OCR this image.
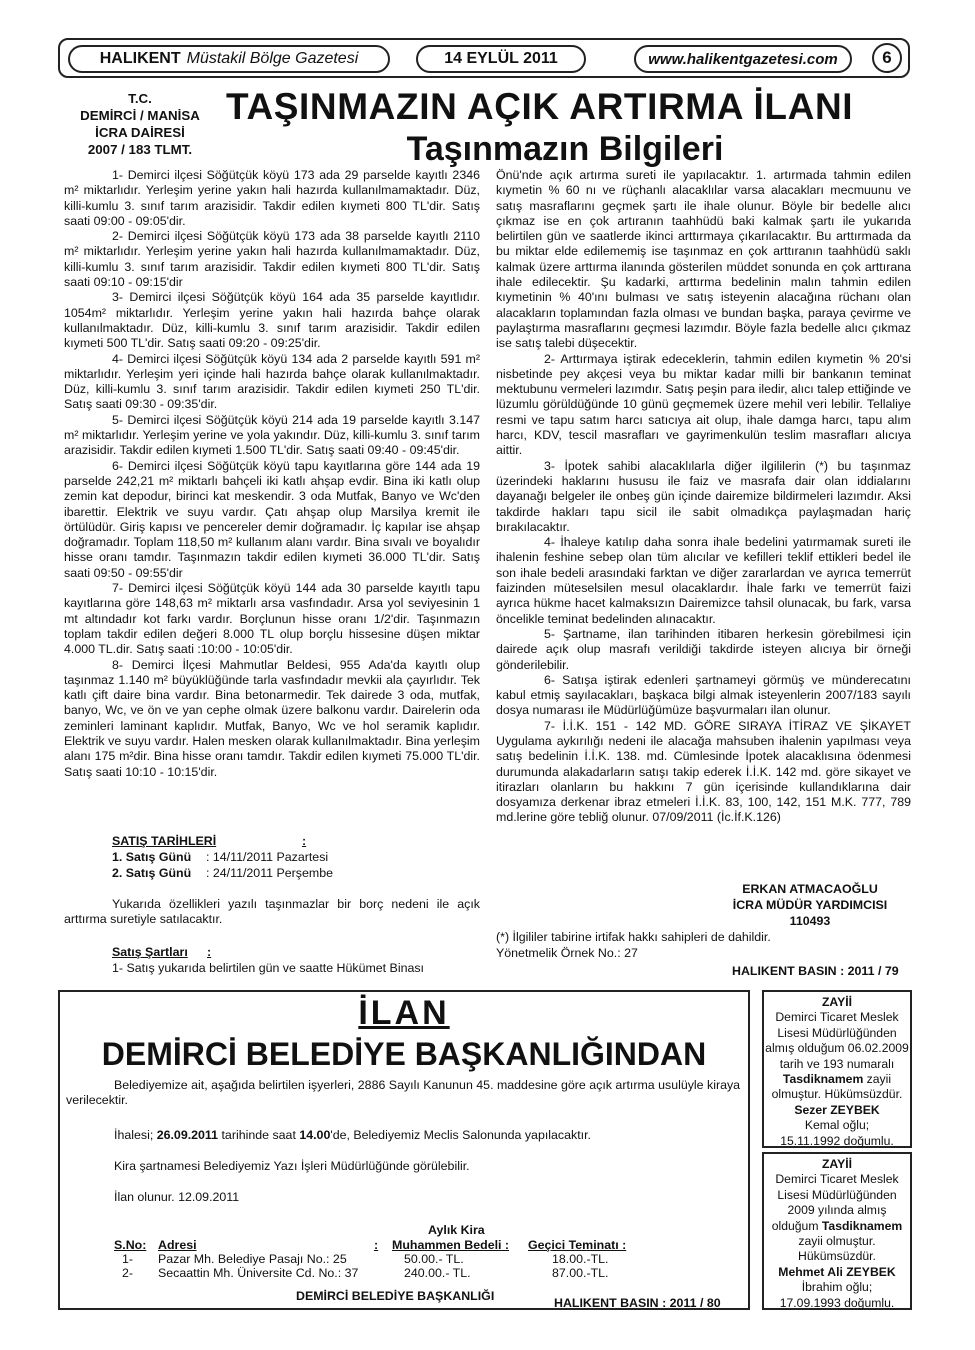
HALIKENT Müstakil Bölge Gazetesi	14 EYLÜL 2011	www.halikentgazetesi.com	6
T.C.
DEMİRCİ / MANİSA
İCRA DAİRESİ
2007 / 183 TLMT.
TAŞINMAZIN AÇIK ARTIRMA İLANI
Taşınmazın Bilgileri

1- Demirci ilçesi Söğütçük köyü 173 ada 29 parselde kayıtlı 2346 m² miktarlıdır. Yerleşim yerine yakın hali hazırda kullanılmamaktadır. Düz, killi-kumlu 3. sınıf tarım arazisidir. Takdir edilen kıymeti 800 TL'dir. Satış saati 09:00 - 09:05'dir.

2- Demirci ilçesi Söğütçük köyü 173 ada 38 parselde kayıtlı 2110 m² miktarlıdır. Yerleşim yerine yakın hali hazırda kullanılmamaktadır. Düz, killi-kumlu 3. sınıf tarım arazisidir. Takdir edilen kıymeti 800 TL'dir. Satış saati 09:10 - 09:15'dir

3- Demirci ilçesi Söğütçük köyü 164 ada 35 parselde kayıtlıdır. 1054m² miktarlıdır. Yerleşim yerine yakın hali hazırda bahçe olarak kullanılmaktadır. Düz, killi-kumlu 3. sınıf tarım arazisidir. Takdir edilen kıymeti 500 TL'dir. Satış saati 09:20 - 09:25'dir.

4- Demirci ilçesi Söğütçük köyü 134 ada 2 parselde kayıtlı 591 m² miktarlıdır. Yerleşim yeri içinde hali hazırda bahçe olarak kullanılmaktadır. Düz, killi-kumlu 3. sınıf tarım arazisidir. Takdir edilen kıymeti 250 TL'dir. Satış saati 09:30 - 09:35'dir.

5- Demirci ilçesi Söğütçük köyü 214 ada 19 parselde kayıtlı 3.147 m² miktarlıdır. Yerleşim yerine ve yola yakındır. Düz, killi-kumlu 3. sınıf tarım arazisidir. Takdir edilen kıymeti 1.500 TL'dir. Satış saati 09:40 - 09:45'dir.

6- Demirci ilçesi Söğütçük köyü tapu kayıtlarına göre 144 ada 19 parselde 242,21 m² miktarlı bahçeli iki katlı ahşap evdir. Bina iki katlı olup zemin kat depodur, birinci kat meskendir. 3 oda Mutfak, Banyo ve Wc'den ibarettir. Elektrik ve suyu vardır. Çatı ahşap olup Marsilya kremit ile örtülüdür. Giriş kapısı ve pencereler demir doğramadır. İç kapılar ise ahşap doğramadır. Toplam 118,50 m² kullanım alanı vardır. Bina sıvalı ve boyalıdır hisse oranı tamdır. Taşınmazın takdir edilen kıymeti 36.000 TL'dir. Satış saati 09:50 - 09:55'dir

7- Demirci ilçesi Söğütçük köyü 144 ada 30 parselde kayıtlı tapu kayıtlarına göre 148,63 m² miktarlı arsa vasfındadır. Arsa yol seviyesinin 1 mt altındadır kot farkı vardır. Borçlunun hisse oranı 1/2'dir. Taşınmazın toplam takdir edilen değeri 8.000 TL olup borçlu hissesine düşen miktar 4.000 TL.dir. Satış saati :10:00 - 10:05'dir.

8- Demirci İlçesi Mahmutlar Beldesi, 955 Ada'da kayıtlı olup taşınmaz 1.140 m² büyüklüğünde tarla vasfındadır mevkii ala çayırlıdır. Tek katlı çift daire bina vardır. Bina betonarmedir. Tek dairede 3 oda, mutfak, banyo, Wc, ve ön ve yan cephe olmak üzere balkonu vardır. Dairelerin oda zeminleri laminant kaplıdır. Mutfak, Banyo, Wc ve hol seramik kaplıdır. Elektrik ve suyu vardır. Halen mesken olarak kullanılmaktadır. Bina yerleşim alanı 175 m²dir. Bina hisse oranı tamdır. Takdir edilen kıymeti 75.000 TL'dir. Satış saati 10:10 - 10:15'dir.

SATIŞ TARİHLERİ	:
1. Satış Günü : 14/11/2011 Pazartesi
2. Satış Günü : 24/11/2011 Perşembe

Yukarıda özellikleri yazılı taşınmazlar bir borç nedeni ile açık arttırma suretiyle satılacaktır.

Satış Şartları :
1- Satış yukarıda belirtilen gün ve saatte Hükümet Binası

Önü'nde açık artırma sureti ile yapılacaktır. 1. artırmada tahmin edilen kıymetin % 60 nı ve rüçhanlı alacaklılar varsa alacakları mecmuunu ve satış masraflarını geçmek şartı ile ihale olunur. Böyle bir bedelle alıcı çıkmaz ise en çok artıranın taahhüdü baki kalmak şartı ile yukarıda belirtilen gün ve saatlerde ikinci arttırmaya çıkarılacaktır. Bu arttırmada da bu miktar elde edilememiş ise taşınmaz en çok arttıranın taahhüdü saklı kalmak üzere arttırma ilanında gösterilen müddet sonunda en çok arttırana ihale edilecektir. Şu kadarki, arttırma bedelinin malın tahmin edilen kıymetinin % 40'ını bulması ve satış isteyenin alacağına rüchanı olan alacakların toplamından fazla olması ve bundan başka, paraya çevirme ve paylaştırma masraflarını geçmesi lazımdır. Böyle fazla bedelle alıcı çıkmaz ise satış talebi düşecektir.

2- Arttırmaya iştirak edeceklerin, tahmin edilen kıymetin % 20'si nisbetinde pey akçesi veya bu miktar kadar milli bir bankanın teminat mektubunu vermeleri lazımdır. Satış peşin para iledir, alıcı talep ettiğinde ve lüzumlu görüldüğünde 10 günü geçmemek üzere mehil veri lebilir. Tellaliye resmi ve tapu satım harcı satıcıya ait olup, ihale damga harcı, tapu alım harcı, KDV, tescil masrafları ve gayrimenkulün teslim masrafları alıcıya aittir.

3- İpotek sahibi alacaklılarla diğer ilgililerin (*) bu taşınmaz üzerindeki haklarını hususu ile faiz ve masrafa dair olan iddialarını dayanağı belgeler ile onbeş gün içinde dairemize bildirmeleri lazımdır. Aksi takdirde hakları tapu sicil ile sabit olmadıkça paylaşmadan hariç bırakılacaktır.

4- İhaleye katılıp daha sonra ihale bedelini yatırmamak sureti ile ihalenin feshine sebep olan tüm alıcılar ve kefilleri teklif ettikleri bedel ile son ihale bedeli arasındaki farktan ve diğer zararlardan ve ayrıca temerrüt faizinden müteselsilen mesul olacaklardır. İhale farkı ve temerrüt faizi ayrıca hükme hacet kalmaksızın Dairemizce tahsil olunacak, bu fark, varsa öncelikle teminat bedelinden alınacaktır.

5- Şartname, ilan tarihinden itibaren herkesin görebilmesi için dairede açık olup masrafı verildiği takdirde isteyen alıcıya bir örneği gönderilebilir.

6- Satışa iştirak edenleri şartnameyi görmüş ve münderecatını kabul etmiş sayılacakları, başkaca bilgi almak isteyenlerin 2007/183 sayılı dosya numarası ile Müdürlüğümüze başvurmaları ilan olunur.

7- İ.İ.K. 151 - 142 MD. GÖRE SIRAYA İTİRAZ VE ŞİKAYET Uygulama aykırılığı nedeni ile alacağa mahsuben ihalenin yapılması veya satış bedelinin İ.İ.K. 138. md. Cümlesinde İpotek alacaklısına ödenmesi durumunda alakadarların satışı takip ederek İ.İ.K. 142 md. göre sikayet ve itirazları olanların bu hakkını 7 gün içerisinde kullandıklarına dair dosyamıza derkenar ibraz etmeleri İ.İ.K. 83, 100, 142, 151 M.K. 777, 789 md.lerine göre tebliğ olunur. 07/09/2011 (İc.İf.K.126)

ERKAN ATMACAOĞLU
İCRA MÜDÜR YARDIMCISI
110493
(*) İlgililer tabirine irtifak hakkı sahipleri de dahildir.
Yönetmelik Örnek No.: 27
HALIKENT BASIN : 2011 / 79
İLAN
DEMİRCİ BELEDİYE BAŞKANLIĞINDAN

Belediyemize ait, aşağıda belirtilen işyerleri, 2886 Sayılı Kanunun 45. maddesine göre açık artırma usulüyle kiraya verilecektir.

İhalesi; 26.09.2011 tarihinde saat 14.00'de, Belediyemiz Meclis Salonunda yapılacaktır.
Kira şartnamesi Belediyemiz Yazı İşleri Müdürlüğünde görülebilir.
İlan olunur. 12.09.2011
Aylık Kira
S.No:	Adresi :	Muhammen Bedeli :	Geçici Teminatı :
1-	Pazar Mh. Belediye Pasajı No.: 25	50.00.- TL.	18.00.-TL.
2-	Secaattin Mh. Üniversite Cd. No.: 37	240.00.- TL.	87.00.-TL.
DEMİRCİ BELEDİYE BAŞKANLIĞI	HALIKENT BASIN : 2011 / 80

ZAYİİ

Demirci Ticaret Meslek

Lisesi Müdürlüğünden

almış olduğum 06.02.2009

tarih ve 193 numaralı

Tasdiknamem zayii

olmuştur. Hükümsüzdür.

Sezer ZEYBEK

Kemal oğlu;

15.11.1992 doğumlu.

ZAYİİ

Demirci Ticaret Meslek

Lisesi Müdürlüğünden

2009 yılında almış

olduğum Tasdiknamem

zayii olmuştur.

Hükümsüzdür.

Mehmet Ali ZEYBEK

İbrahim oğlu;

17.09.1993 doğumlu.
